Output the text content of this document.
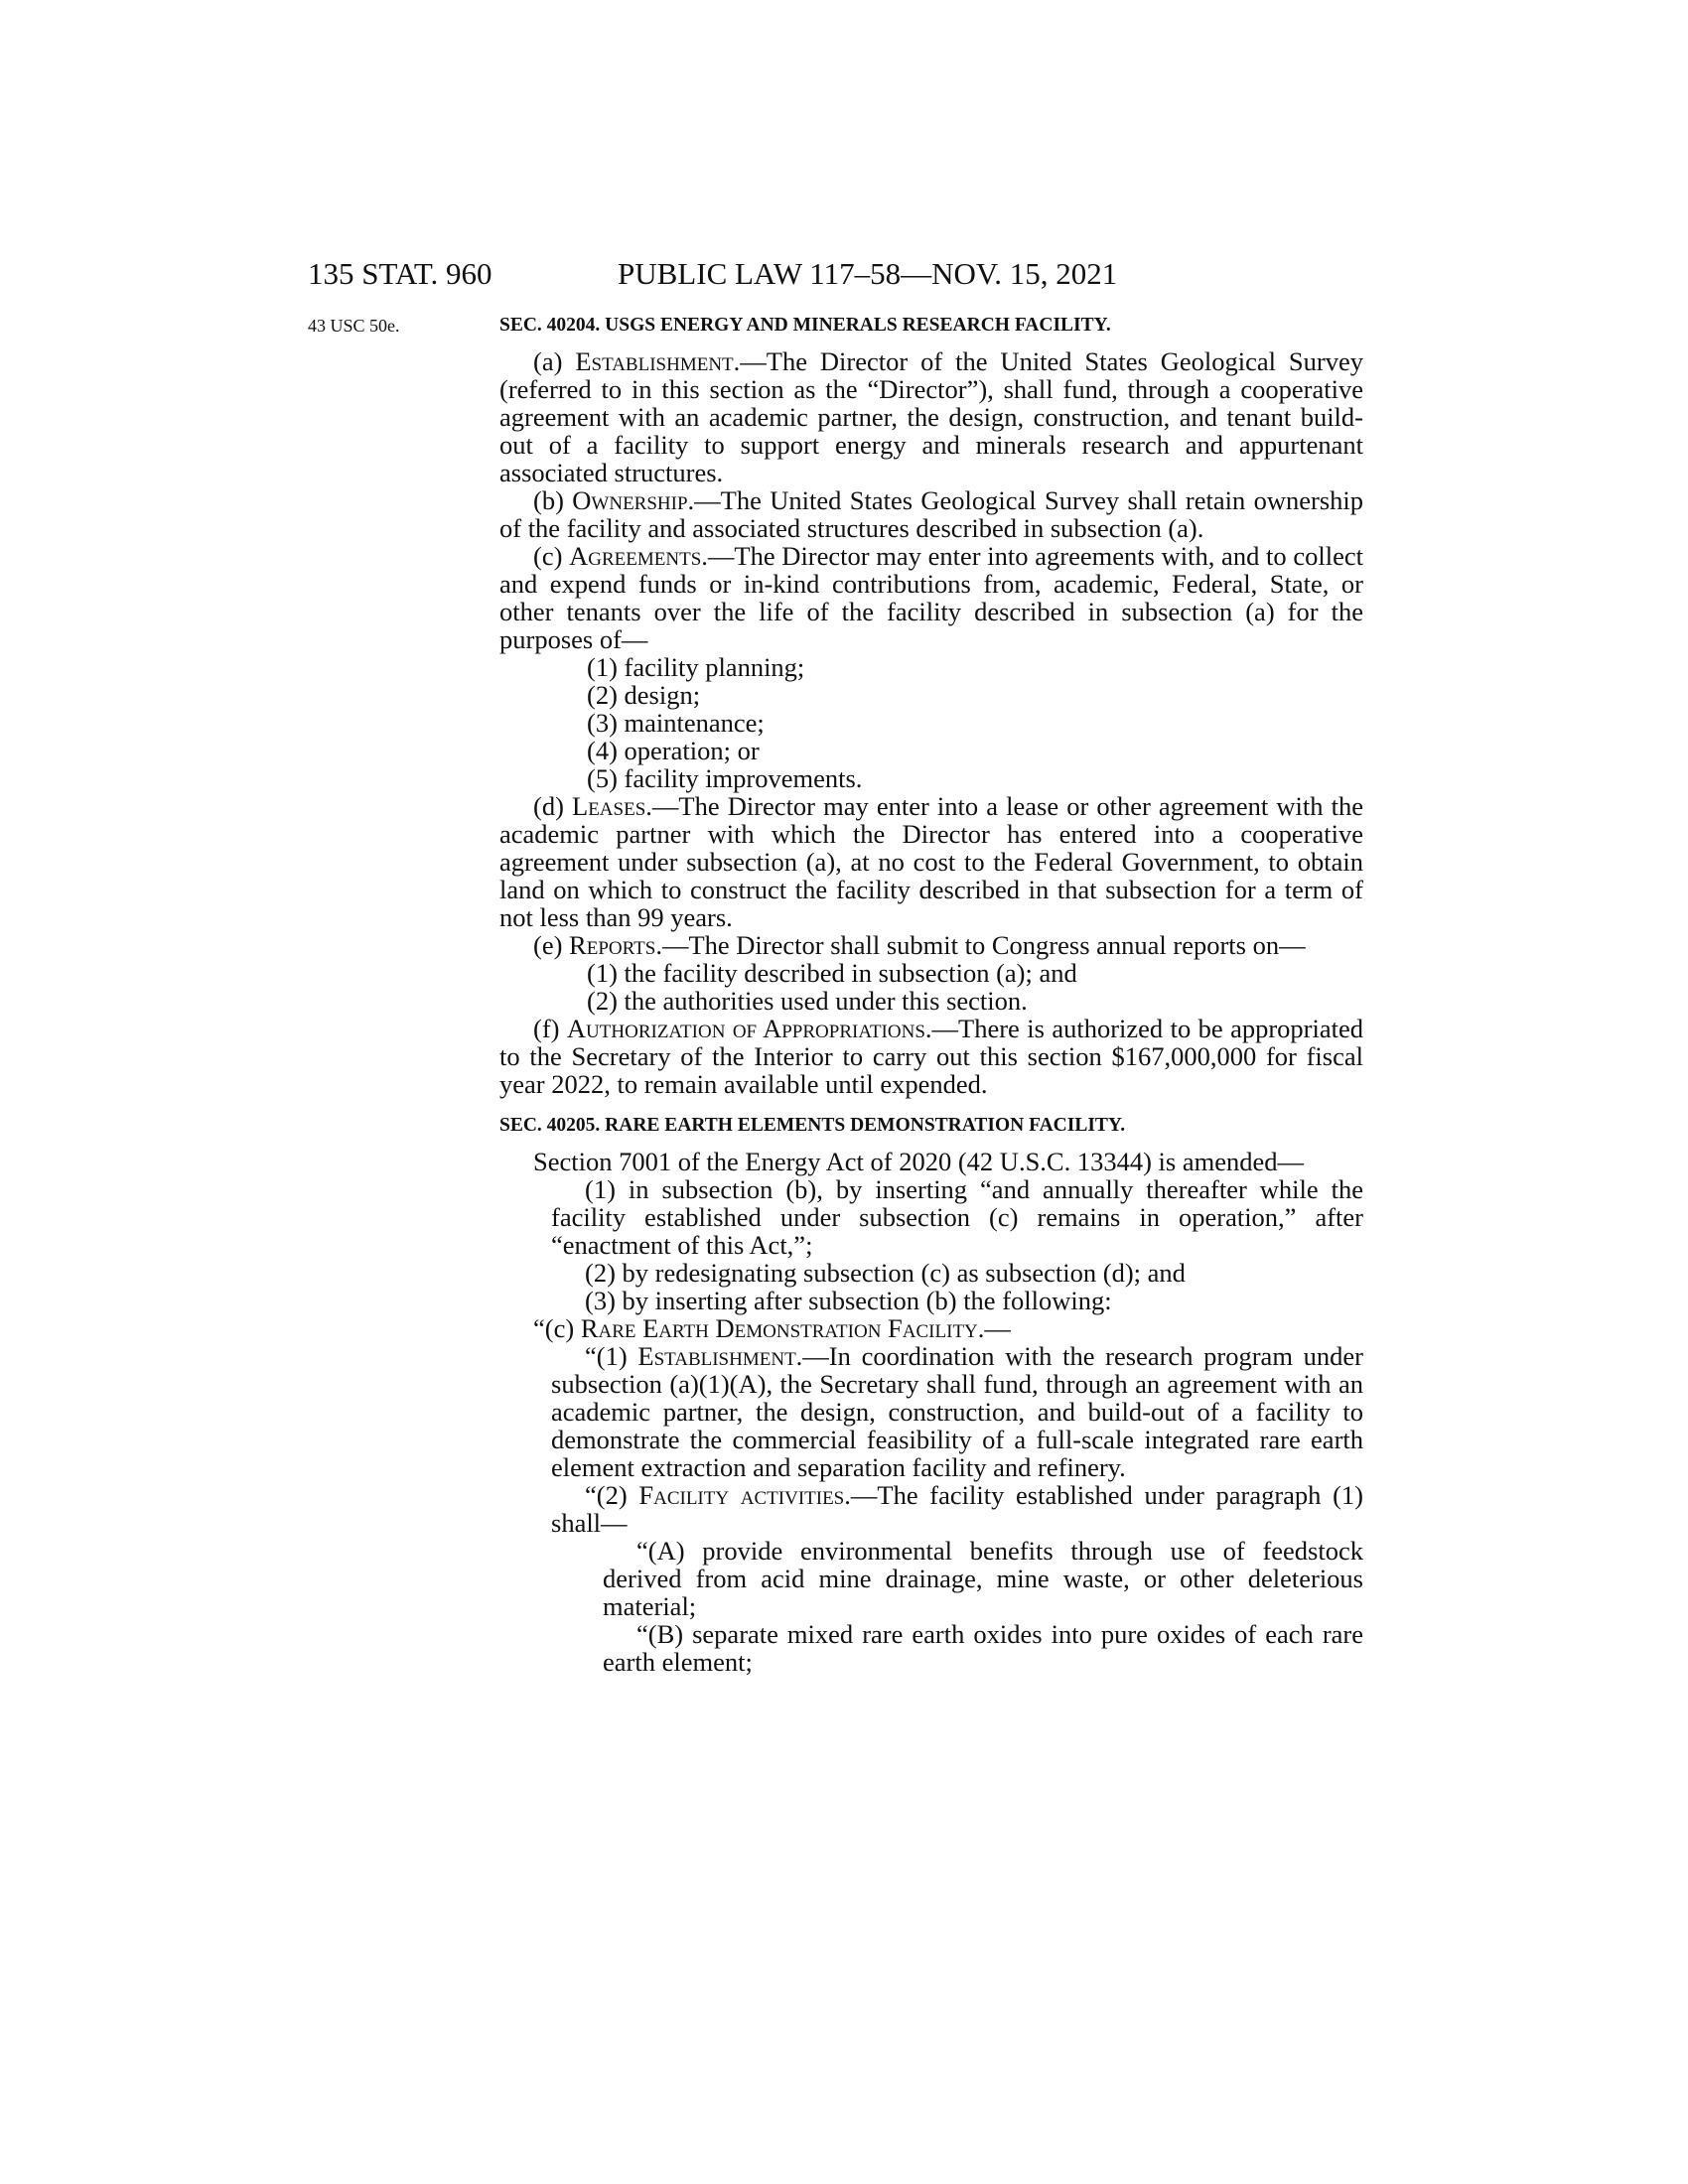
135 STAT. 960	PUBLIC LAW 117–58—NOV. 15, 2021
43 USC 50e.	SEC. 40204. USGS ENERGY AND MINERALS RESEARCH FACILITY.

(a) Establishment.—The Director of the United States Geological Survey (referred to in this section as the “Director”), shall fund, through a cooperative agreement with an academic partner, the design, construction, and tenant build-out of a facility to support energy and minerals research and appurtenant associated structures.

(b) Ownership.—The United States Geological Survey shall retain ownership of the facility and associated structures described in subsection (a).

(c) Agreements.—The Director may enter into agreements with, and to collect and expend funds or in-kind contributions from, academic, Federal, State, or other tenants over the life of the facility described in subsection (a) for the purposes of—

(1) facility planning;

(2) design;

(3) maintenance;

(4) operation; or

(5) facility improvements.

(d) Leases.—The Director may enter into a lease or other agreement with the academic partner with which the Director has entered into a cooperative agreement under subsection (a), at no cost to the Federal Government, to obtain land on which to construct the facility described in that subsection for a term of not less than 99 years.

(e) Reports.—The Director shall submit to Congress annual reports on—

(1) the facility described in subsection (a); and

(2) the authorities used under this section.

(f) Authorization of Appropriations.—There is authorized to be appropriated to the Secretary of the Interior to carry out this section $167,000,000 for fiscal year 2022, to remain available until expended.

SEC. 40205. RARE EARTH ELEMENTS DEMONSTRATION FACILITY.

Section 7001 of the Energy Act of 2020 (42 U.S.C. 13344) is amended—

(1) in subsection (b), by inserting “and annually thereafter while the facility established under subsection (c) remains in operation,” after “enactment of this Act,”;

(2) by redesignating subsection (c) as subsection (d); and

(3) by inserting after subsection (b) the following:

“(c) Rare Earth Demonstration Facility.—

“(1) Establishment.—In coordination with the research program under subsection (a)(1)(A), the Secretary shall fund, through an agreement with an academic partner, the design, construction, and build-out of a facility to demonstrate the commercial feasibility of a full-scale integrated rare earth element extraction and separation facility and refinery.

“(2) Facility activities.—The facility established under paragraph (1) shall—

“(A) provide environmental benefits through use of feedstock derived from acid mine drainage, mine waste, or other deleterious material;

“(B) separate mixed rare earth oxides into pure oxides of each rare earth element;
